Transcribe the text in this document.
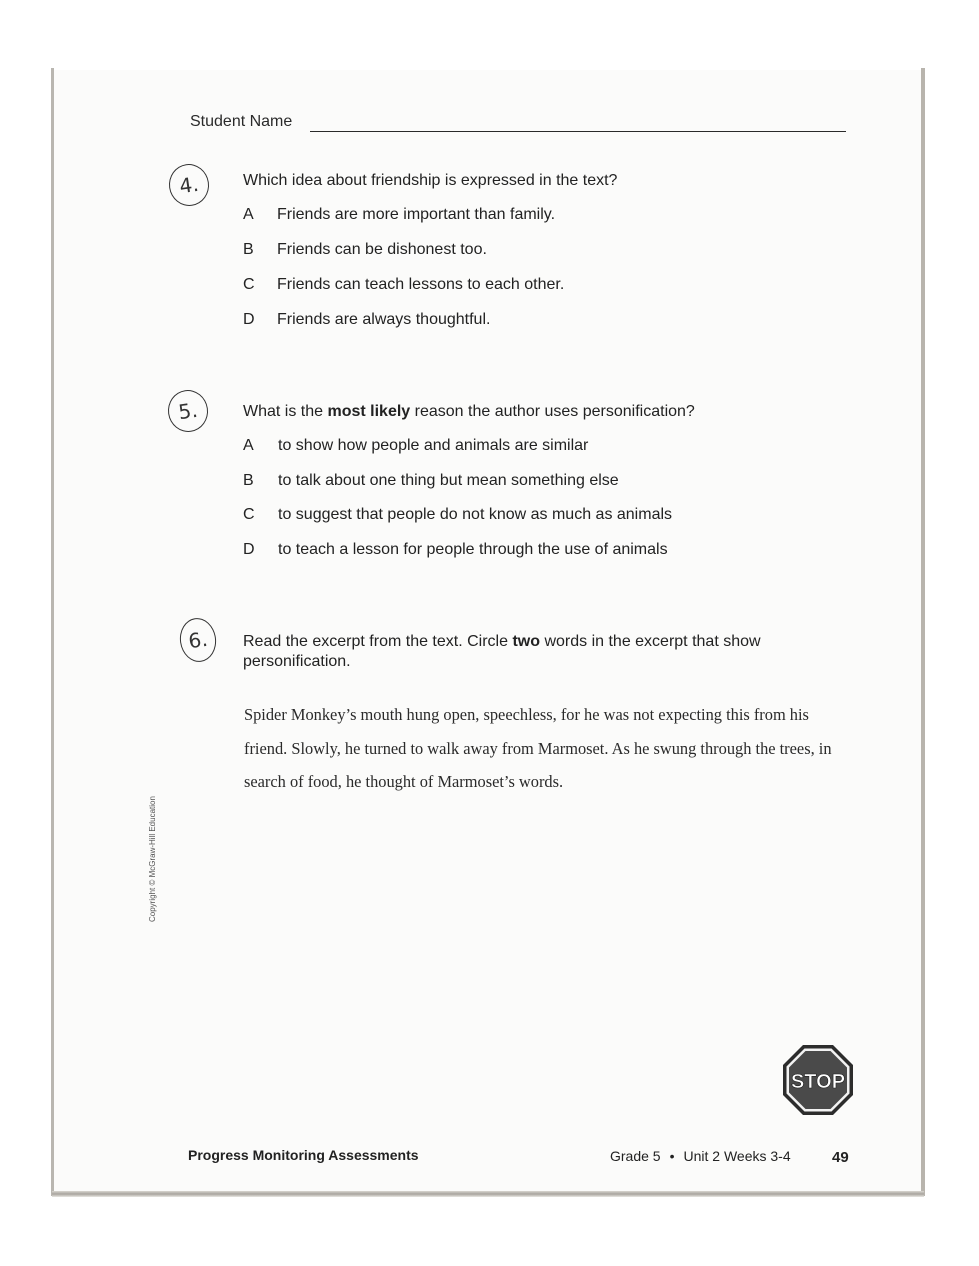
Student Name
4.	Which idea about friendship is expressed in the text?
A	Friends are more important than family.
B	Friends can be dishonest too.
C	Friends can teach lessons to each other.
D	Friends are always thoughtful.
5.	What is the most likely reason the author uses personification?
A	to show how people and animals are similar
B	to talk about one thing but mean something else
C	to suggest that people do not know as much as animals
D	to teach a lesson for people through the use of animals
6.	Read the excerpt from the text. Circle two words in the excerpt that show personification.
Spider Monkey’s mouth hung open, speechless, for he was not expecting this from his friend. Slowly, he turned to walk away from Marmoset. As he swung through the trees, in search of food, he thought of Marmoset’s words.
Copyright © McGraw-Hill Education
STOP
Progress Monitoring Assessments	Grade 5 • Unit 2 Weeks 3-4	49
